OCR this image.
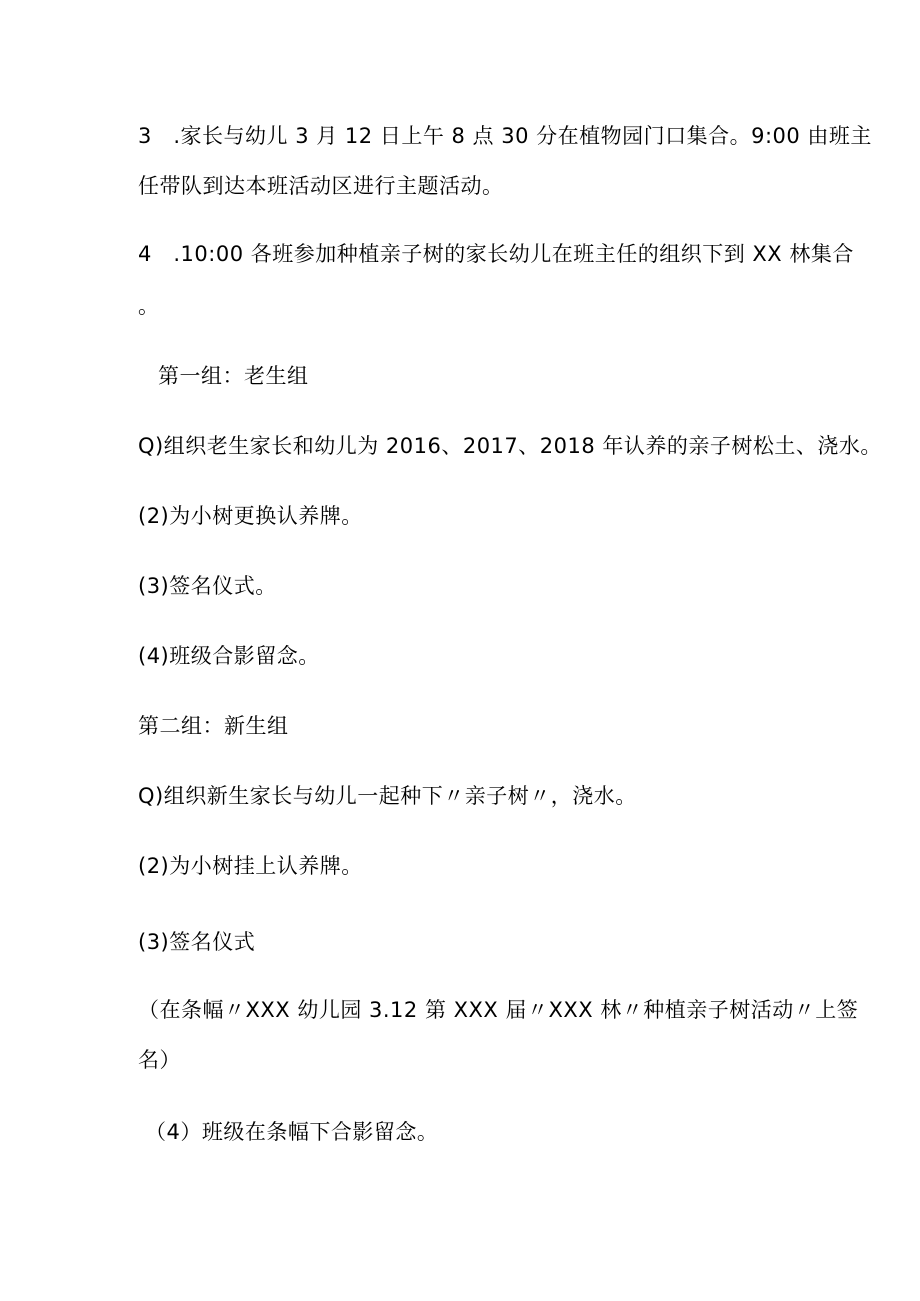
3　.家长与幼儿 3 月 12 日上午 8 点 30 分在植物园门口集合。9:00 由班主
任带队到达本班活动区进行主题活动。
4　.10:00 各班参加种植亲子树的家长幼儿在班主任的组织下到 XX 林集合
。
第一组：老生组
Q)组织老生家长和幼儿为 2016、2017、2018 年认养的亲子树松土、浇水。
(2)为小树更换认养牌。
(3)签名仪式。
(4)班级合影留念。
第二组：新生组
Q)组织新生家长与幼儿一起种下〃亲子树〃，浇水。
(2)为小树挂上认养牌。
(3)签名仪式
（在条幅〃XXX 幼儿园 3.12 第 XXX 届〃XXX 林〃种植亲子树活动〃上签
名）
（4）班级在条幅下合影留念。
